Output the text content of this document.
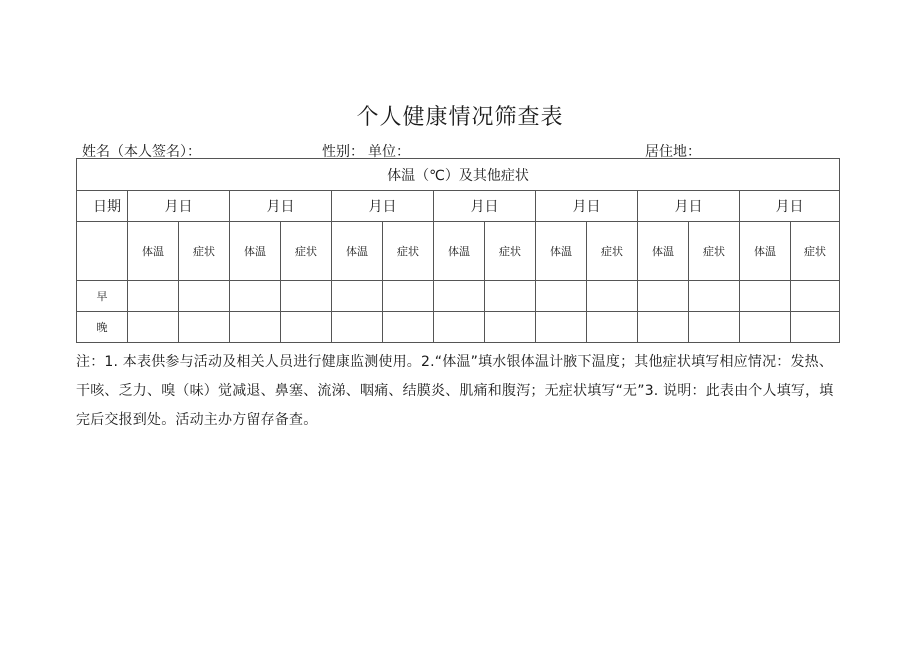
个人健康情况筛查表
姓名（本人签名）：	性别： 单位：	居住地：
体温（℃）及其他症状														
日期	月日		月日		月日		月日		月日		月日		月日	
	体温	症状	体温	症状	体温	症状	体温	症状	体温	症状	体温	症状	体温	症状
早														
晚														
注：1. 本表供参与活动及相关人员进行健康监测使用。2.“体温”填水银体温计腋下温度；其他症状填写相应情况：发热、干咳、乏力、嗅（味）觉减退、鼻塞、流涕、咽痛、结膜炎、肌痛和腹泻；无症状填写“无”3. 说明：此表由个人填写，填完后交报到处。活动主办方留存备查。
